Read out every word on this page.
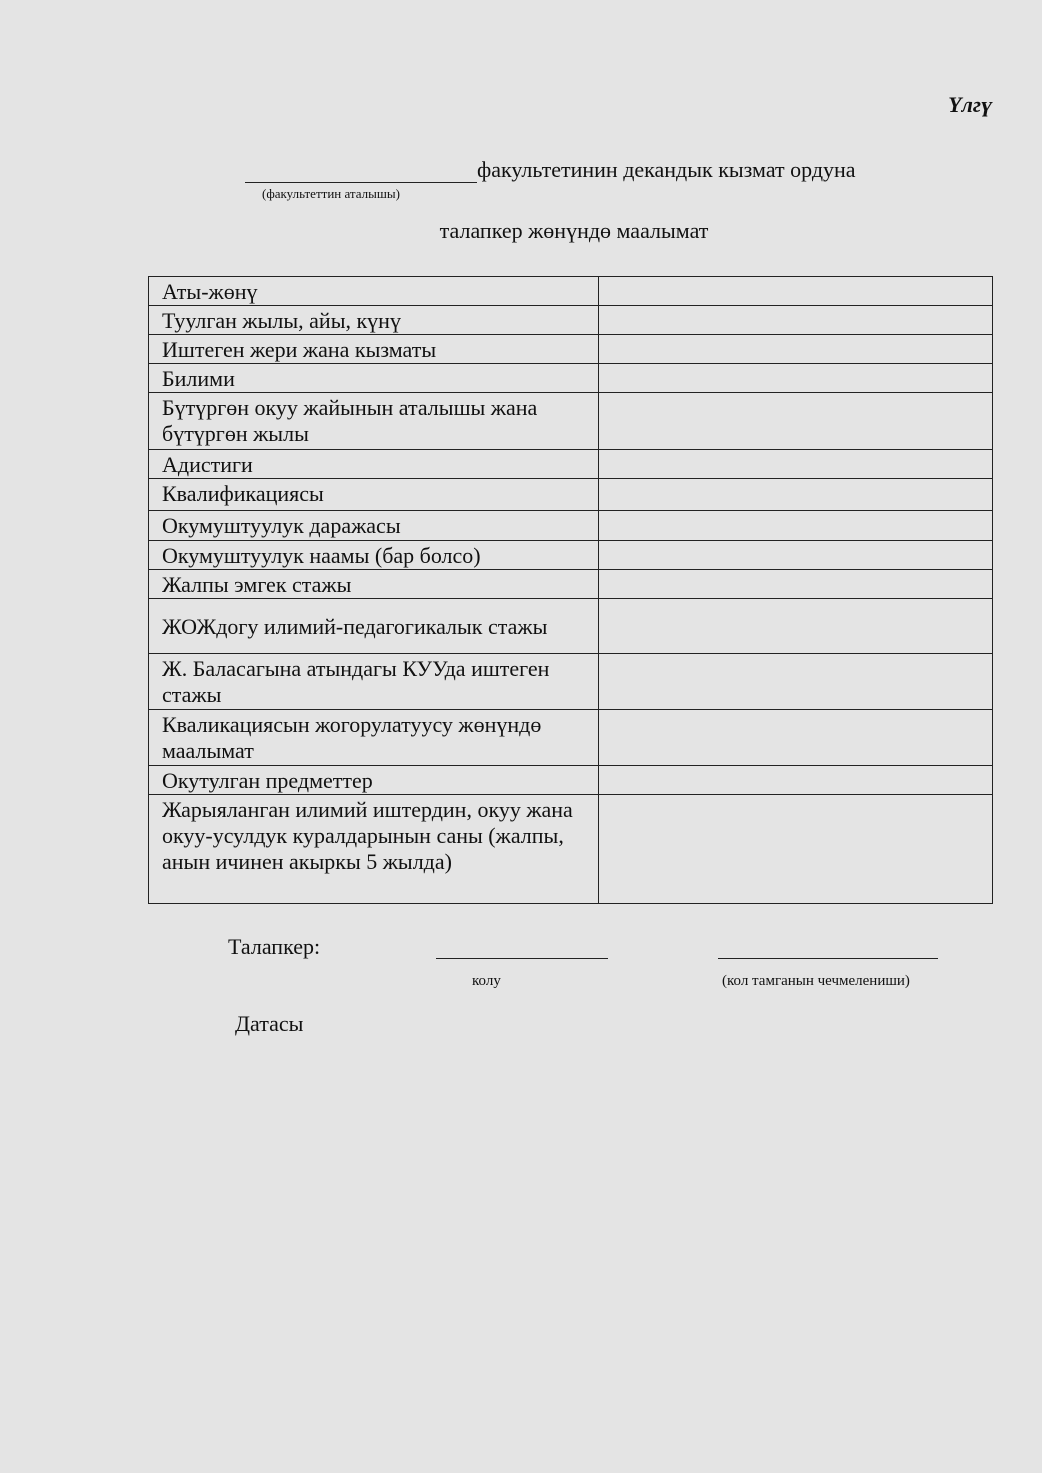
Үлгү
факультетинин декандык кызмат ордуна
(факультеттин аталышы)
талапкер жөнүндө маалымат
Аты-жөнү	
Туулган жылы, айы, күнү	
Иштеген жери жана кызматы	
Билими	
Бүтүргөн окуу жайынын аталышы жана бүтүргөн жылы	
Адистиги	
Квалификациясы	
Окумуштуулук даражасы	
Окумуштуулук наамы (бар болсо)	
Жалпы эмгек стажы	
ЖОЖдогу илимий-педагогикалык стажы	
Ж. Баласагына атындагы КУУда иштеген стажы	
Кваликациясын жогорулатуусу жөнүндө маалымат	
Окутулган предметтер	
Жарыяланган илимий иштердин, окуу жана окуу-усулдук куралдарынын саны (жалпы, анын ичинен акыркы 5 жылда)	
Талапкер:
колу	(кол тамганын чечмелениши)
Датасы
